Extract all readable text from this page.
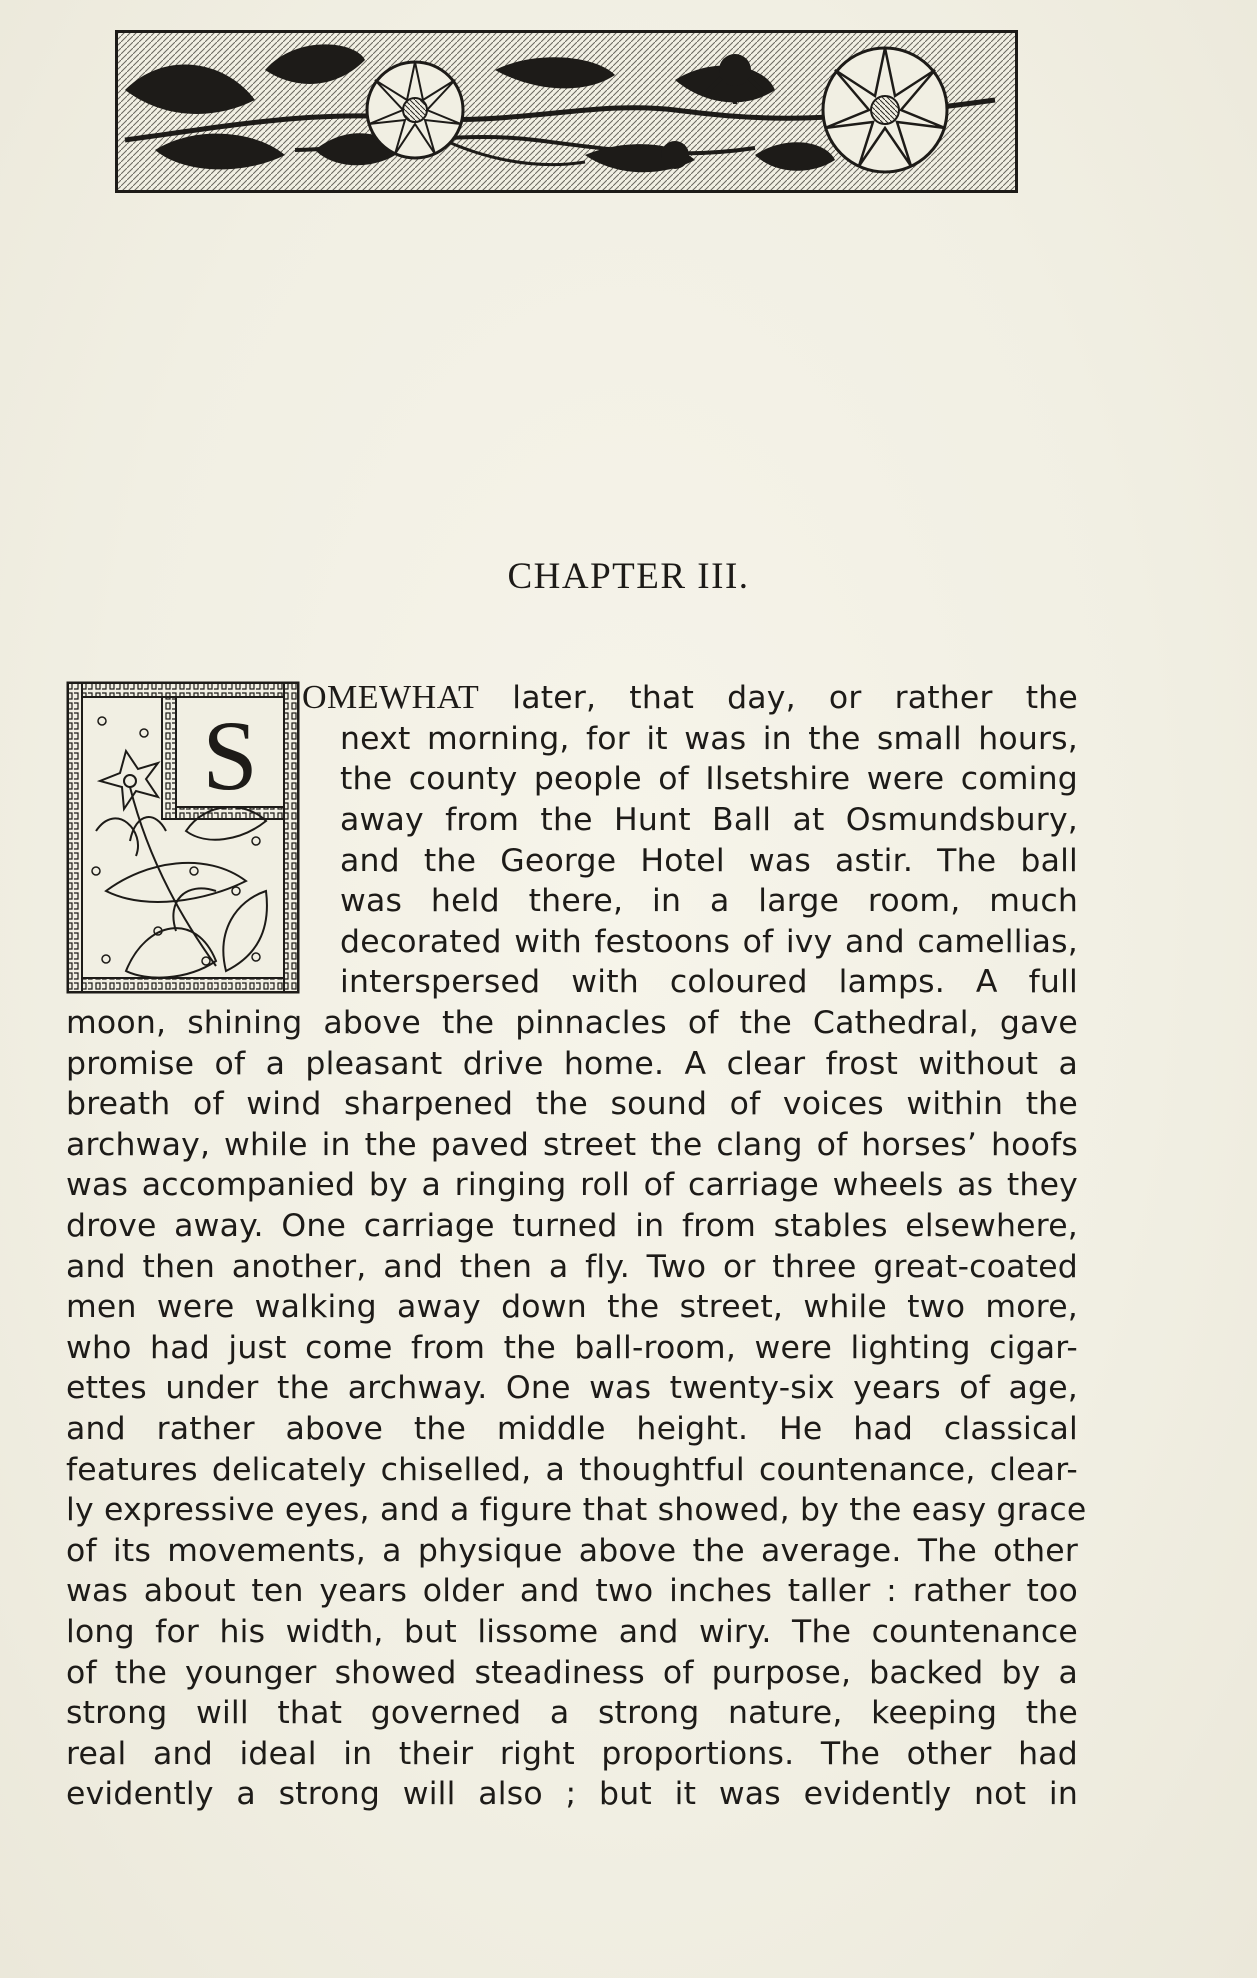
CHAPTER III.
S
OMEWHAT later, that day, or rather the
next morning, for it was in the small hours,
the county people of Ilsetshire were coming
away from the Hunt Ball at Osmundsbury,
and the George Hotel was astir. The ball
was held there, in a large room, much
decorated with festoons of ivy and camellias,
interspersed with coloured lamps. A full
moon, shining above the pinnacles of the Cathedral, gave
promise of a pleasant drive home. A clear frost without a
breath of wind sharpened the sound of voices within the
archway, while in the paved street the clang of horses’ hoofs
was accompanied by a ringing roll of carriage wheels as they
drove away. One carriage turned in from stables elsewhere,
and then another, and then a fly. Two or three great-coated
men were walking away down the street, while two more,
who had just come from the ball-room, were lighting cigar-
ettes under the archway. One was twenty-six years of age,
and rather above the middle height. He had classical
features delicately chiselled, a thoughtful countenance, clear-
ly expressive eyes, and a figure that showed, by the easy grace
of its movements, a physique above the average. The other
was about ten years older and two inches taller : rather too
long for his width, but lissome and wiry. The countenance
of the younger showed steadiness of purpose, backed by a
strong will that governed a strong nature, keeping the
real and ideal in their right proportions. The other had
evidently a strong will also ; but it was evidently not in
